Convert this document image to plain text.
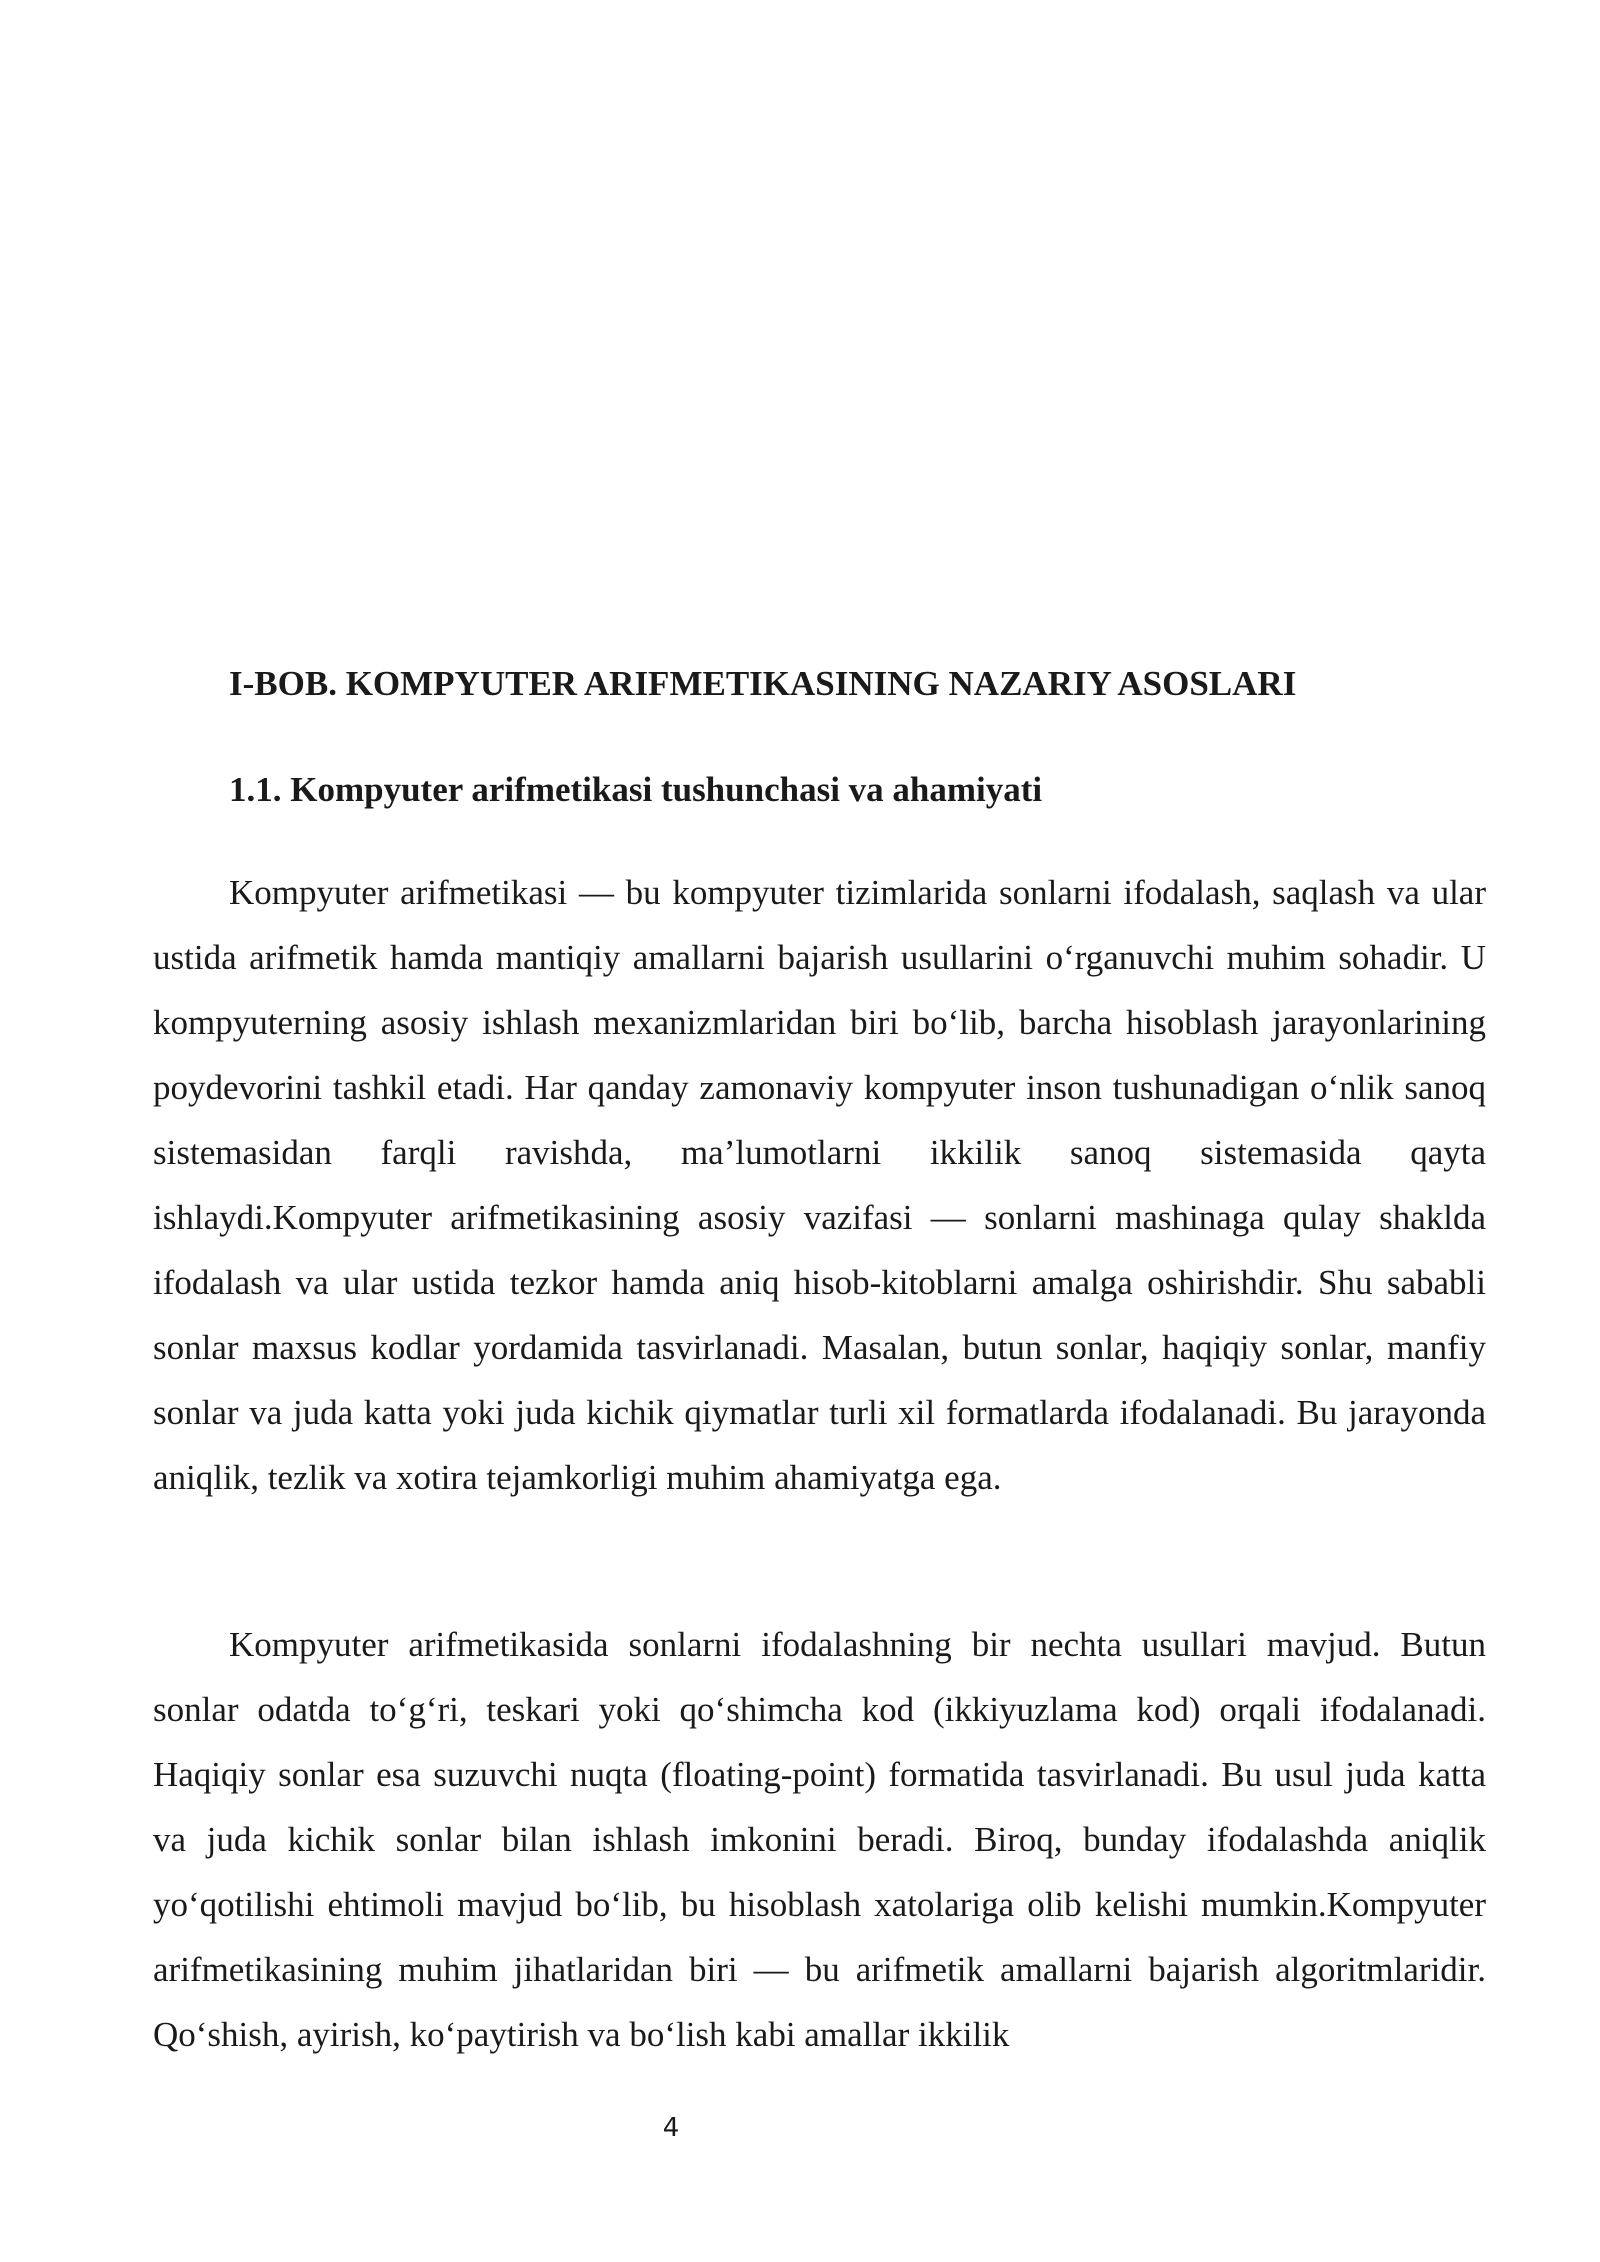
I-BOB. KOMPYUTER ARIFMETIKASINING NAZARIY ASOSLARI
1.1. Kompyuter arifmetikasi tushunchasi va ahamiyati

Kompyuter arifmetikasi — bu kompyuter tizimlarida sonlarni ifodalash, saqlash va ular ustida arifmetik hamda mantiqiy amallarni bajarish usullarini o‘rganuvchi muhim sohadir. U kompyuterning asosiy ishlash mexanizmlaridan biri bo‘lib, barcha hisoblash jarayonlarining poydevorini tashkil etadi. Har qanday zamonaviy kompyuter inson tushunadigan o‘nlik sanoq sistemasidan farqli ravishda, ma’lumotlarni ikkilik sanoq sistemasida qayta ishlaydi.Kompyuter arifmetikasining asosiy vazifasi — sonlarni mashinaga qulay shaklda ifodalash va ular ustida tezkor hamda aniq hisob-kitoblarni amalga oshirishdir. Shu sababli sonlar maxsus kodlar yordamida tasvirlanadi. Masalan, butun sonlar, haqiqiy sonlar, manfiy sonlar va juda katta yoki juda kichik qiymatlar turli xil formatlarda ifodalanadi. Bu jarayonda aniqlik, tezlik va xotira tejamkorligi muhim ahamiyatga ega.

Kompyuter arifmetikasida sonlarni ifodalashning bir nechta usullari mavjud. Butun sonlar odatda to‘g‘ri, teskari yoki qo‘shimcha kod (ikkiyuzlama kod) orqali ifodalanadi. Haqiqiy sonlar esa suzuvchi nuqta (floating-point) formatida tasvirlanadi. Bu usul juda katta va juda kichik sonlar bilan ishlash imkonini beradi. Biroq, bunday ifodalashda aniqlik yo‘qotilishi ehtimoli mavjud bo‘lib, bu hisoblash xatolariga olib kelishi mumkin.Kompyuter arifmetikasining muhim jihatlaridan biri — bu arifmetik amallarni bajarish algoritmlaridir. Qo‘shish, ayirish, ko‘paytirish va bo‘lish kabi amallar ikkilik

4
